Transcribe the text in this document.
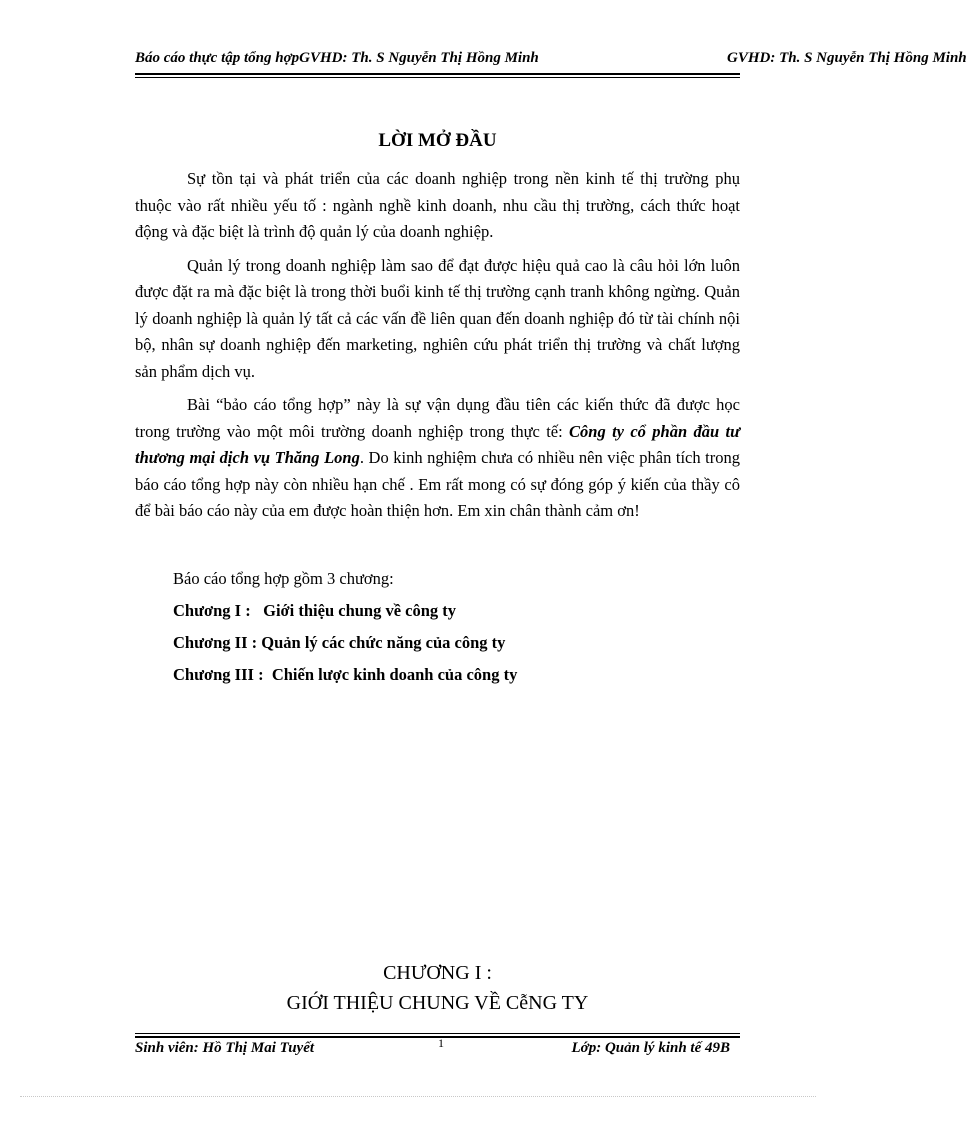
Báo cáo thực tập tổng hợpGVHD: Th. S Nguyễn Thị Hồng Minh	GVHD: Th. S Nguyễn Thị Hồng Minh
LỜI MỞ ĐẦU

Sự tồn tại và phát triển của các doanh nghiệp trong nền kinh tế thị trường phụ thuộc vào rất nhiều yếu tố : ngành nghề kinh doanh, nhu cầu thị trường, cách thức hoạt động và đặc biệt là trình độ quản lý của doanh nghiệp.

Quản lý trong doanh nghiệp làm sao để đạt được hiệu quả cao là câu hỏi lớn luôn được đặt ra mà đặc biệt là trong thời buổi kinh tế thị trường cạnh tranh không ngừng. Quản lý doanh nghiệp là quản lý tất cả các vấn đề liên quan đến doanh nghiệp đó từ tài chính nội bộ, nhân sự doanh nghiệp đến marketing, nghiên cứu phát triển thị trường và chất lượng sản phẩm dịch vụ.

Bài “bảo cáo tổng hợp” này là sự vận dụng đầu tiên các kiến thức đã được học trong trường vào một môi trường doanh nghiệp trong thực tế: Công ty cổ phần đầu tư thương mại dịch vụ Thăng Long. Do kinh nghiệm chưa có nhiều nên việc phân tích trong báo cáo tổng hợp này còn nhiều hạn chế . Em rất mong có sự đóng góp ý kiến của thầy cô để bài báo cáo này của em được hoàn thiện hơn. Em xin chân thành cảm ơn!

Báo cáo tổng hợp gồm 3 chương:
Chương I : Giới thiệu chung về công ty
Chương II : Quản lý các chức năng của công ty
Chương III : Chiến lược kinh doanh của công ty
CHƯƠNG I :
GIỚI THIỆU CHUNG VỀ CễNG TY
Sinh viên: Hồ Thị Mai Tuyết	1	Lớp: Quản lý kinh tế 49B
